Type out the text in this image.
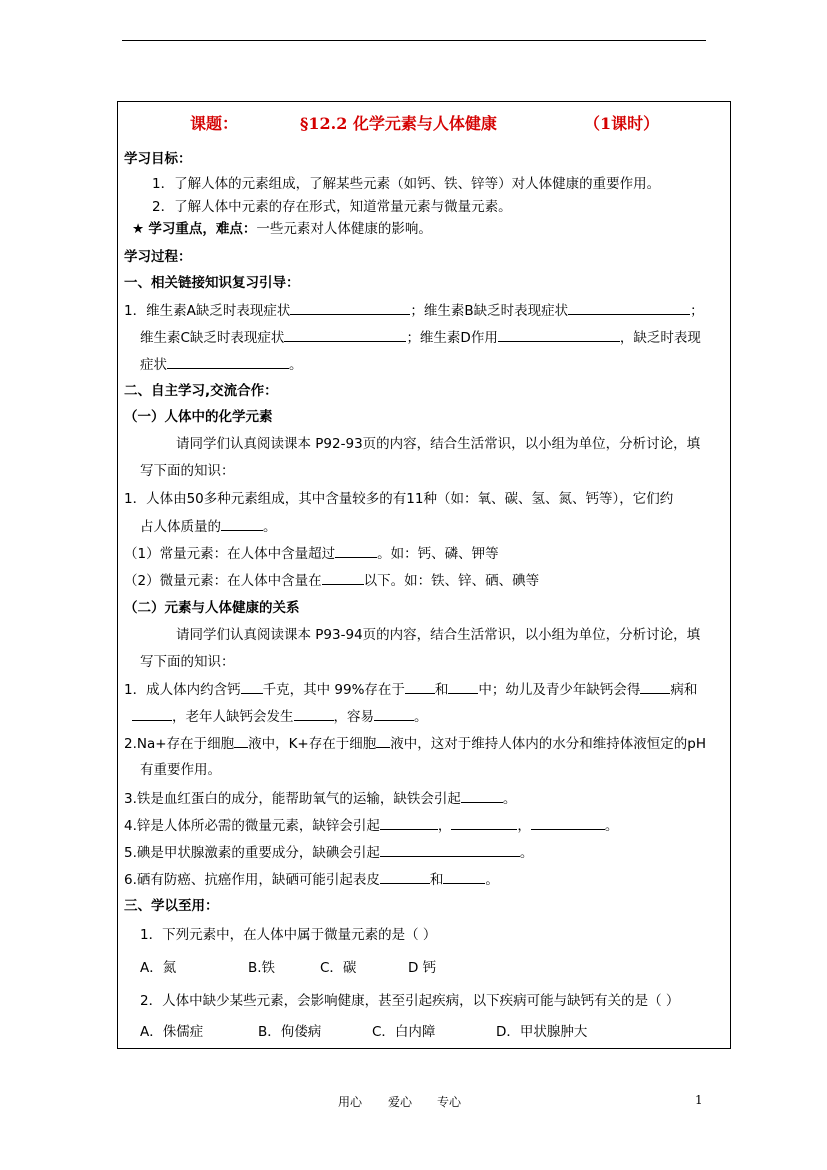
课题：	§12.2 化学元素与人体健康	（1课时）
学习目标：
1．了解人体的元素组成，了解某些元素（如钙、铁、锌等）对人体健康的重要作用。
2．了解人体中元素的存在形式，知道常量元素与微量元素。
★ 学习重点，难点：一些元素对人体健康的影响。
学习过程：
一、相关链接知识复习引导：
1．维生素A缺乏时表现症状	；维生素B缺乏时表现症状	；
维生素C缺乏时表现症状	；维生素D作用	，缺乏时表现
症状	。
二、自主学习,交流合作：
（一）人体中的化学元素
请同学们认真阅读课本 P92-93页的内容，结合生活常识，以小组为单位，分析讨论，填
写下面的知识：
1．人体由50多种元素组成，其中含量较多的有11种（如：氧、碳、氢、氮、钙等），它们约
占人体质量的	。
（1）常量元素：在人体中含量超过	。如：钙、磷、钾等
（2）微量元素：在人体中含量在	以下。如：铁、锌、硒、碘等
（二）元素与人体健康的关系
请同学们认真阅读课本 P93-94页的内容，结合生活常识，以小组为单位，分析讨论，填
写下面的知识：
1．成人体内约含钙 千克，其中 99%存在于 和 中；幼儿及青少年缺钙会得 病和
，老年人缺钙会发生	，容易	。
2.Na+存在于细胞 液中，K+存在于细胞 液中，这对于维持人体内的水分和维持体液恒定的pH
有重要作用。
3.铁是血红蛋白的成分，能帮助氧气的运输，缺铁会引起	。
4.锌是人体所必需的微量元素，缺锌会引起	，	，	。
5.碘是甲状腺激素的重要成分，缺碘会引起	。
6.硒有防癌、抗癌作用，缺硒可能引起表皮	和	。
三、学以至用：
1．下列元素中，在人体中属于微量元素的是（ ）
A．氮	B.铁	C．碳	D 钙
2．人体中缺少某些元素，会影响健康，甚至引起疾病，以下疾病可能与缺钙有关的是（ ）
A．侏儒症	B．佝偻病	C．白内障	D．甲状腺肿大
用心 爱心 专心	1
